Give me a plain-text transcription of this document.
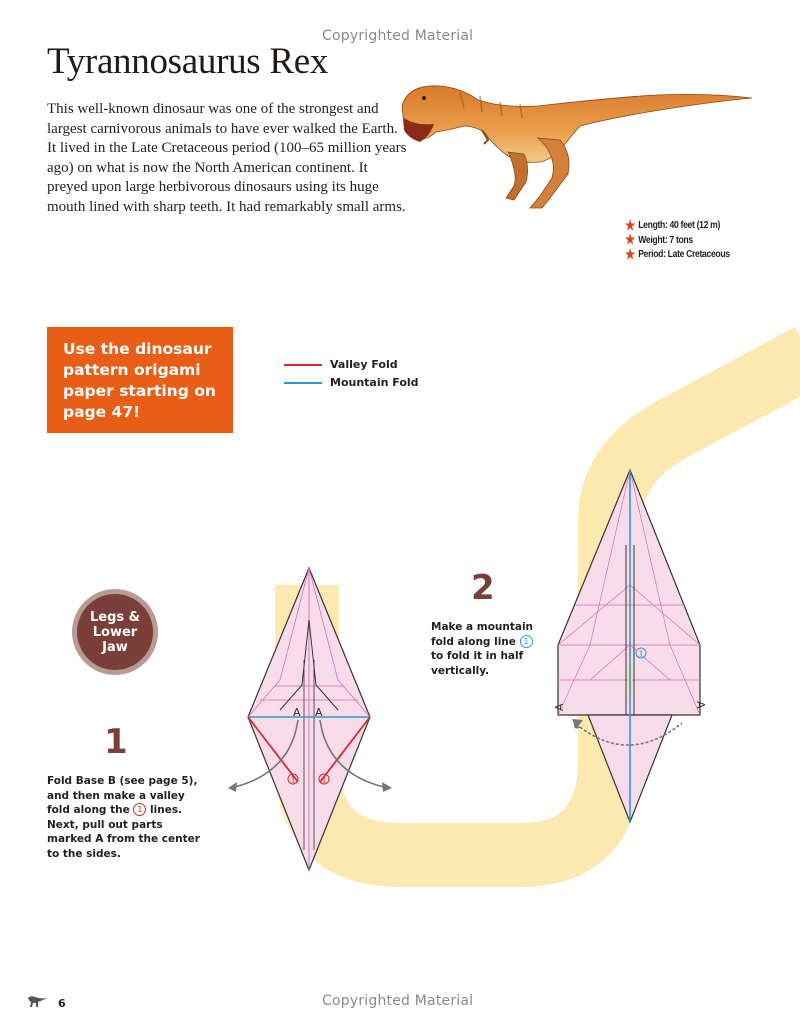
Copyrighted Material
Copyrighted Material
Tyrannosaurus Rex

This well-known dinosaur was one of the strongest and largest carnivorous animals to have ever walked the Earth. It lived in the Late Cretaceous period (100–65 million years ago) on what is now the North American continent. It preyed upon large herbivorous dinosaurs using its huge mouth lined with sharp teeth. It had remarkably small arms.

★ Length: 40 feet (12 m)
★ Weight: 7 tons
★ Period: Late Cretaceous
Use the dinosaur pattern origami paper starting on page 47!
Valley Fold
Mountain Fold
Legs &
Lower
Jaw
A A
1	1
1

Fold Base B (see page 5), and then make a valley fold along the 1 lines. Next, pull out parts marked A from the center to the sides.

2

Make a mountain fold along line 1 to fold it in half vertically.

1
A	A
6
